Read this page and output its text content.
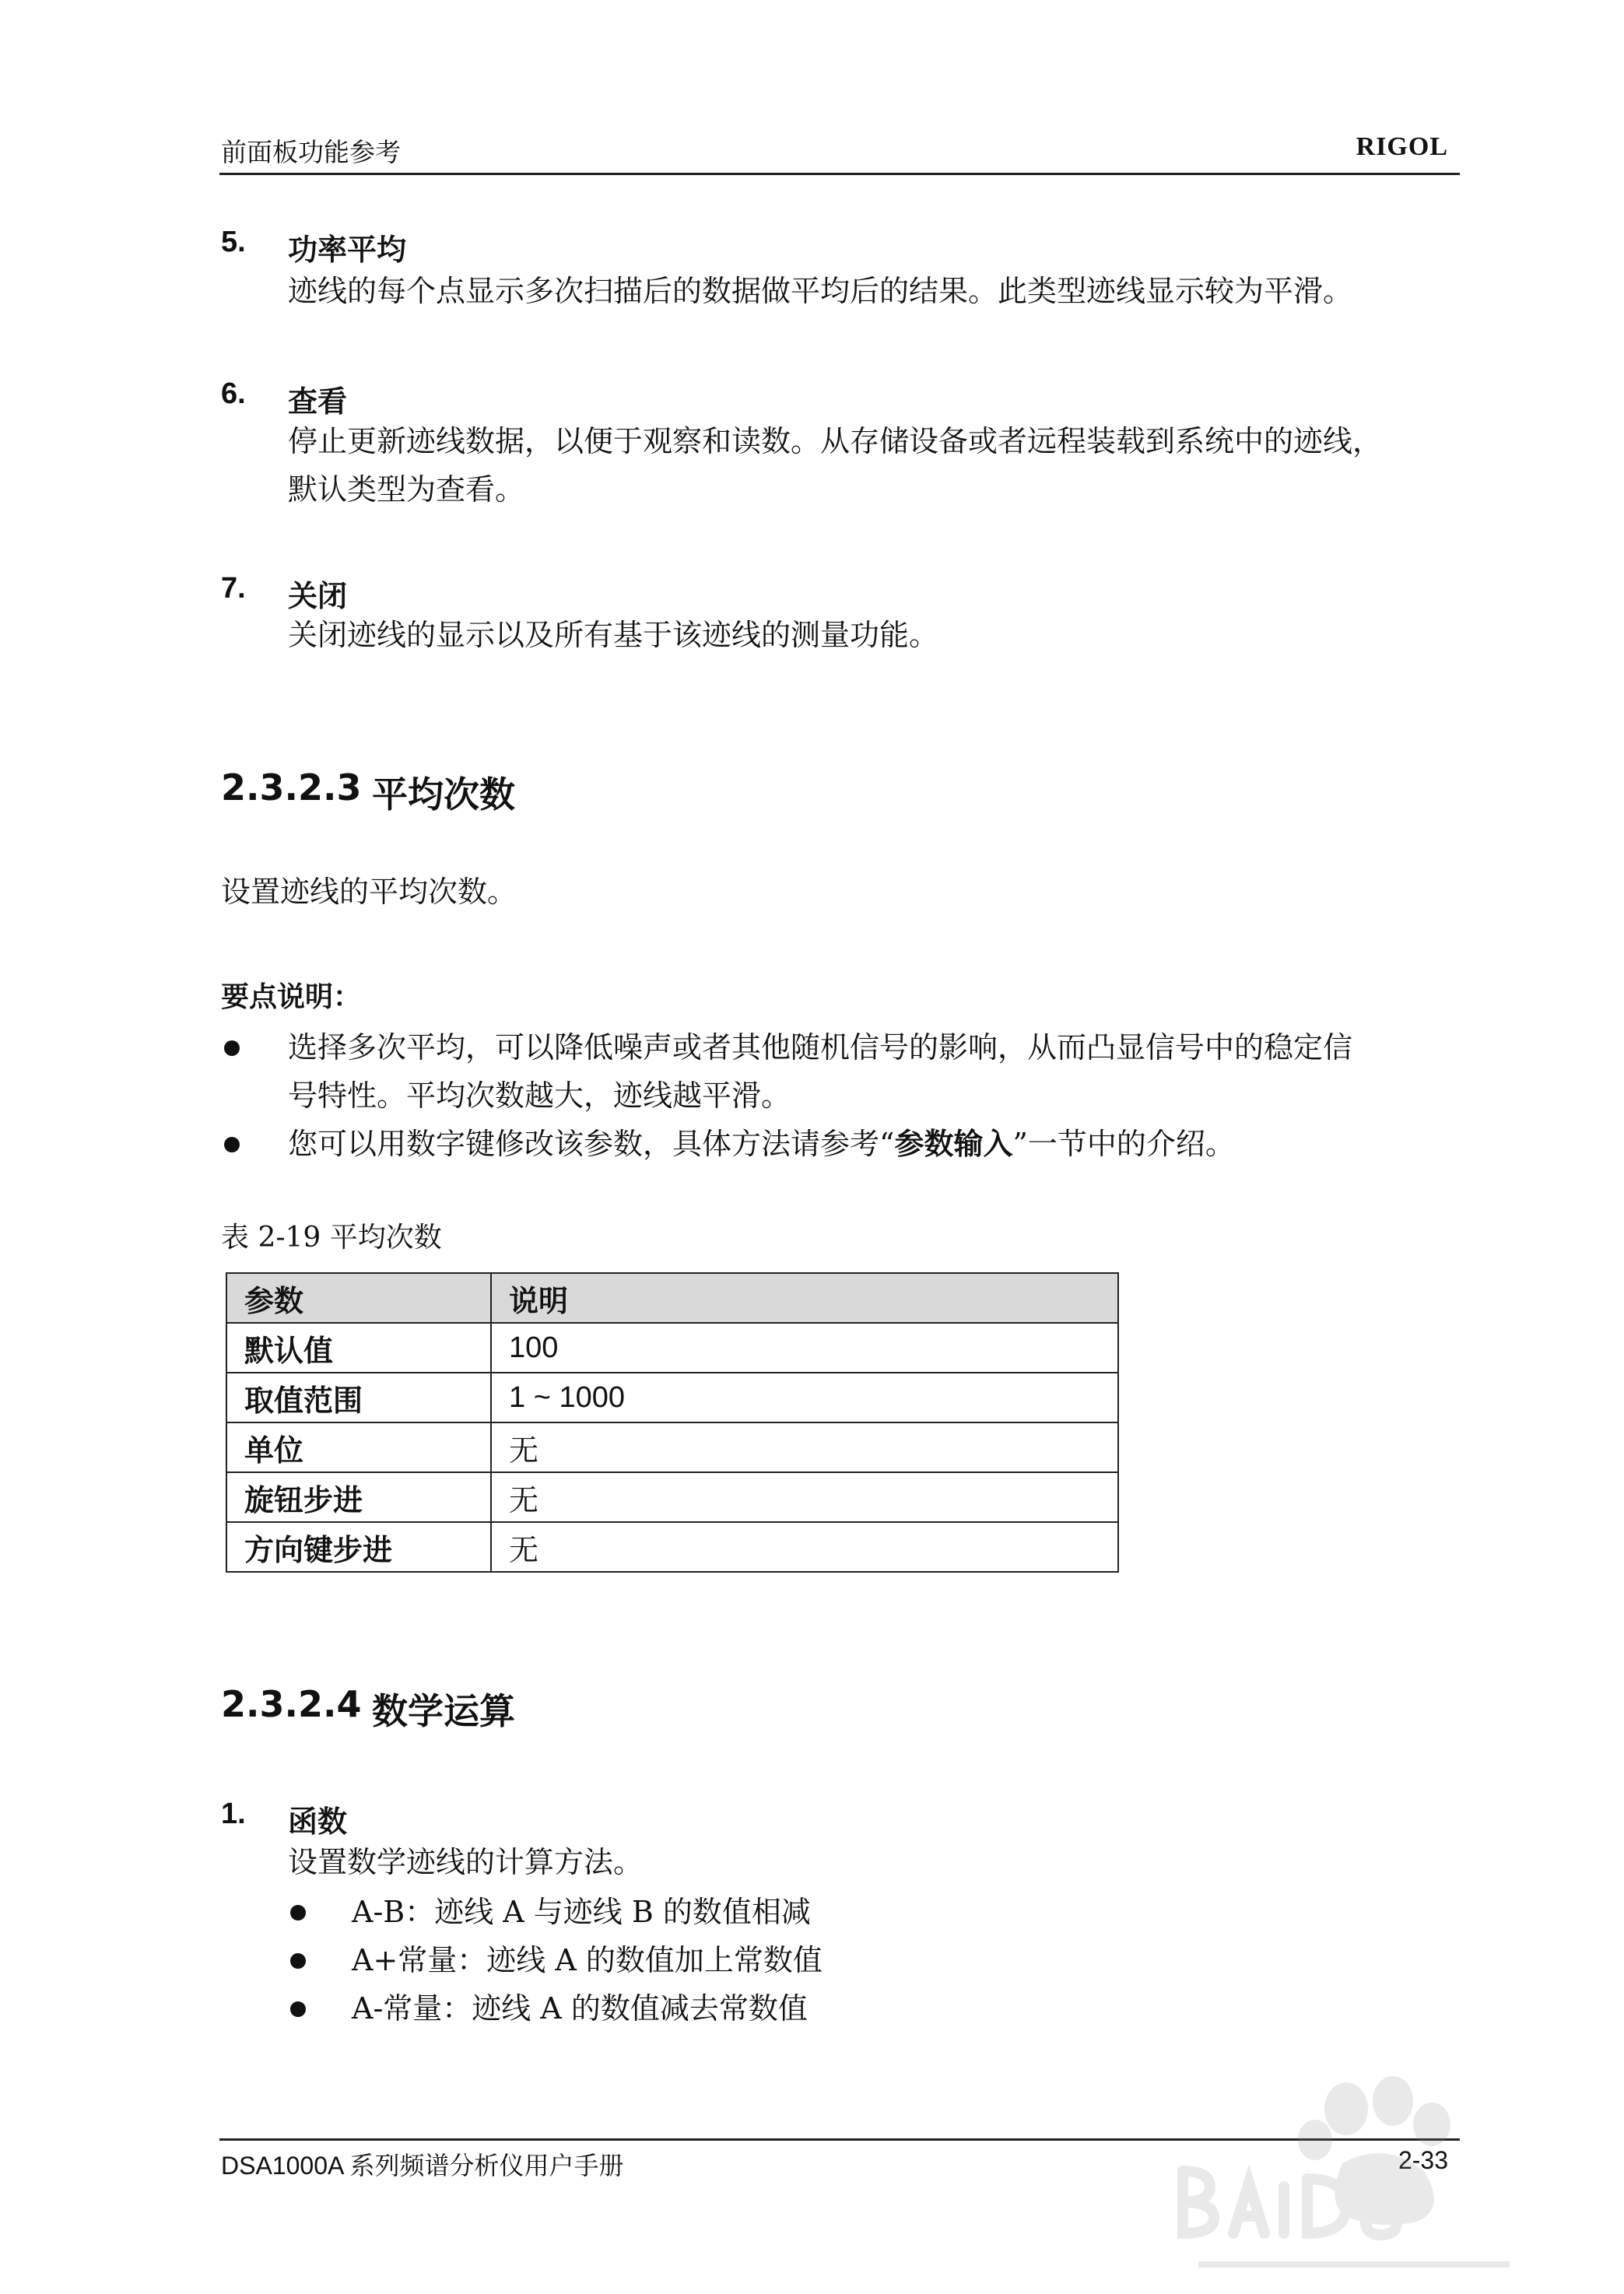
前面板功能参考	RIGOL
5. 功率平均
迹线的每个点显示多次扫描后的数据做平均后的结果。此类型迹线显示较为平滑。
6. 查看
停止更新迹线数据，以便于观察和读数。从存储设备或者远程装载到系统中的迹线，
默认类型为查看。
7. 关闭
关闭迹线的显示以及所有基于该迹线的测量功能。
2.3.2.3 平均次数
设置迹线的平均次数。
要点说明：
选择多次平均，可以降低噪声或者其他随机信号的影响，从而凸显信号中的稳定信
号特性。平均次数越大，迹线越平滑。
您可以用数字键修改该参数，具体方法请参考“参数输入”一节中的介绍。
表 2-19 平均次数
参数	说明
默认值	100
取值范围	1 ~ 1000
单位	无
旋钮步进	无
方向键步进	无
2.3.2.4 数学运算
1. 函数
设置数学迹线的计算方法。
A-B：迹线 A 与迹线 B 的数值相减
A+常量：迹线 A 的数值加上常数值
A-常量：迹线 A 的数值减去常数值
DSA1000A 系列频谱分析仪用户手册	2-33
